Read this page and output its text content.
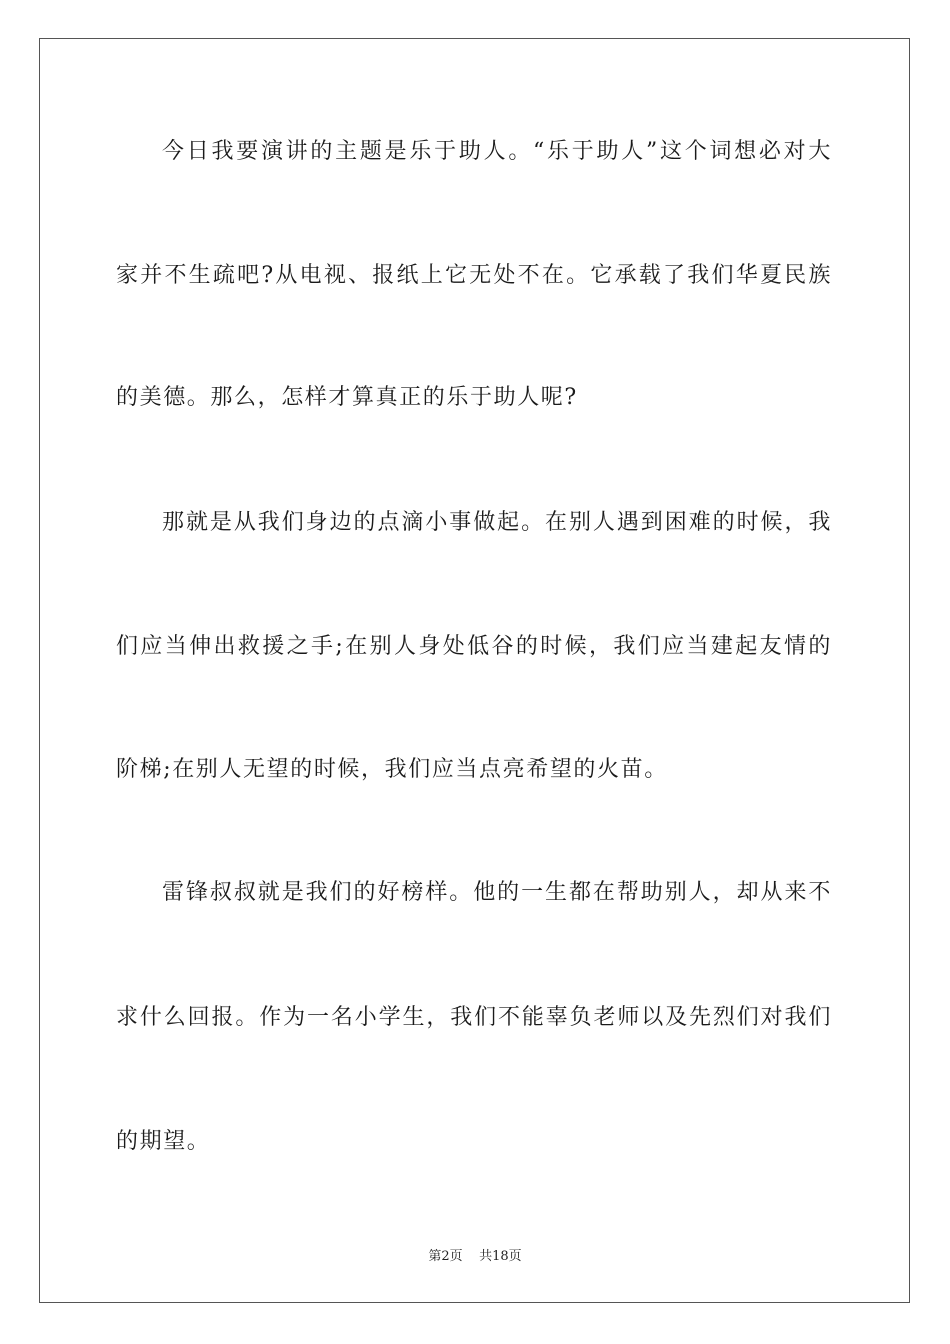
今日我要演讲的主题是乐于助人。“乐于助人”这个词想必对大
家并不生疏吧?从电视、报纸上它无处不在。它承载了我们华夏民族
的美德。那么，怎样才算真正的乐于助人呢?
那就是从我们身边的点滴小事做起。在别人遇到困难的时候，我
们应当伸出救援之手;在别人身处低谷的时候，我们应当建起友情的
阶梯;在别人无望的时候，我们应当点亮希望的火苗。
雷锋叔叔就是我们的好榜样。他的一生都在帮助别人，却从来不
求什么回报。作为一名小学生，我们不能辜负老师以及先烈们对我们
的期望。
第2页 共18页
